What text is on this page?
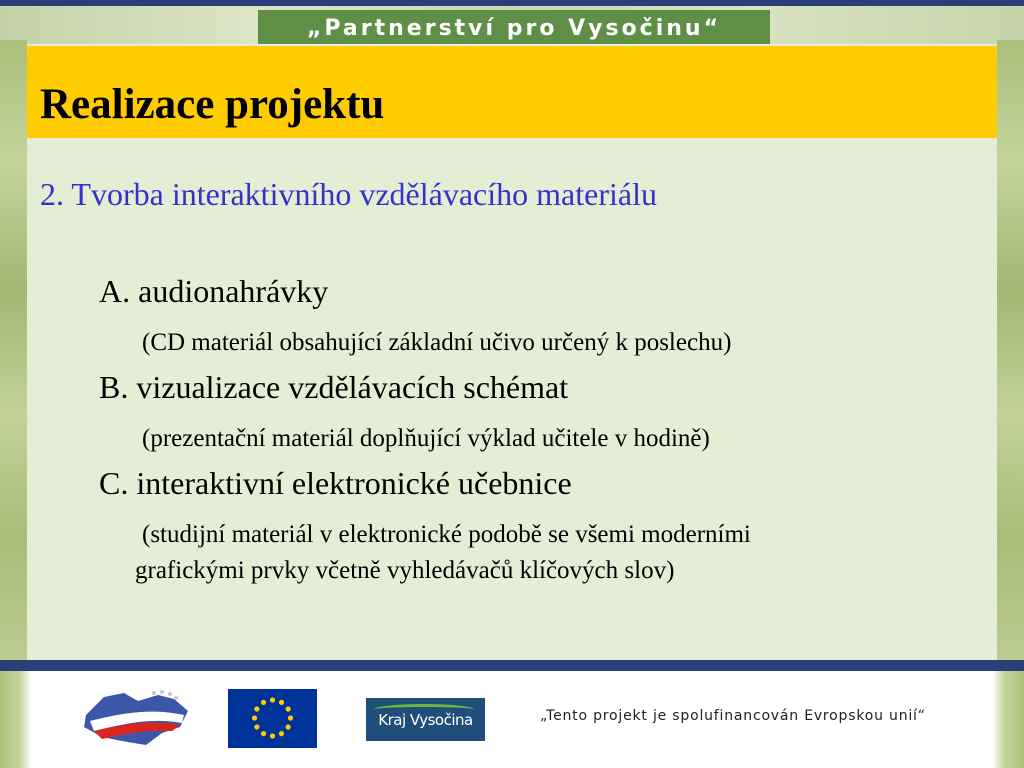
„Partnerství pro Vysočinu“
Realizace projektu
2. Tvorba interaktivního vzdělávacího materiálu
A. audionahrávky
(CD materiál obsahující základní učivo určený k poslechu)
B. vizualizace vzdělávacích schémat
(prezentační materiál doplňující výklad učitele v hodině)
C. interaktivní elektronické učebnice
(studijní materiál v elektronické podobě se všemi moderními
grafickými prvky včetně vyhledávačů klíčových slov)
Kraj Vysočina	„Tento projekt je spolufinancován Evropskou unií“
